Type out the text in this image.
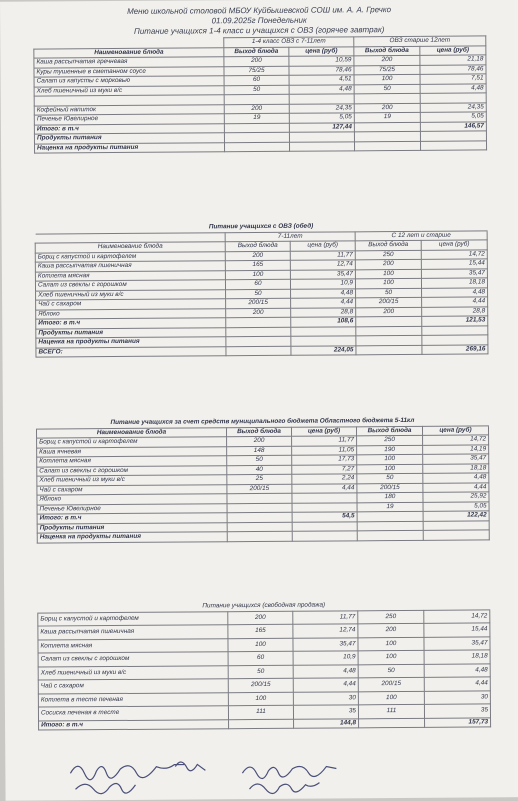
Меню школьной столовой МБОУ Куйбышевской СОШ им. А. А. Гречко
01.09.2025г Понедельник
Питание учащихся 1-4 класс и учащихся с ОВЗ (горячее завтрак)
	1-4 класс ОВЗ с 7-11лет		ОВЗ старше 12лет	
Наименование блюда	Выход блюда	цена (руб)	Выход блюда	цена (руб)
Каша рассыпчатая гречневая	200	10,59	200	21,18
Куры тушенные в сметанном соусе	75/25	78,46	75/25	78,46
Салат из капусты с морковью	60	4,51	100	7,51
Хлеб пшеничный из муки в/с	50	4,48	50	4,48

Кофейный напиток	200	24,35	200	24,35
Печенье Ювелирное	19	5,05	19	5,05
Итого: в т.ч		127,44		146,57
Продукты питания				
Наценка на продукты питания				
Питание учащихся с ОВЗ (обед)				
	7-11лет		С 12 лет и старше	
Наименование блюда	Выход блюда	цена (руб)	Выход блюда	цена (руб)
Борщ с капустой и картофелем	200	11,77	250	14,72
Каша рассыпчатая пшеничная	165	12,74	200	15,44
Котлета мясная	100	35,47	100	35,47
Салат из свеклы с горошком	60	10,9	100	18,18
Хлеб пшеничный из муки в/с	50	4,48	50	4,48
Чай с сахаром	200/15	4,44	200/15	4,44
Яблоко	200	28,8	200	28,8
Итого: в т.ч		108,6		121,53
Продукты питания				
Наценка на продукты питания				
ВСЕГО:		224,05		269,16
Питание учащихся за счет средств муниципального бюджета Областного бюджета 5-11кл				
Наименование блюда	Выход блюда	цена (руб)	Выход блюда	цена (руб)
Борщ с капустой и картофелем	200	11,77	250	14,72
Каша ячневая	148	11,05	190	14,19
Котлета мясная	50	17,73	100	35,47
Салат из свеклы с горошком	40	7,27	100	18,18
Хлеб пшеничный из муки в/с	25	2,24	50	4,48
Чай с сахаром	200/15	4,44	200/15	4,44
Яблоко			180	25,92
Печенье Ювелирное			19	5,05
Итого: в т.ч		54,5		122,42
Продукты питания				
Наценка на продукты питания				
Питание учащихся (свободная продажа)				
Борщ с капустой и картофелем	200	11,77	250	14,72
Каша рассыпчатая пшеничная	165	12,74	200	15,44
Котлета мясная	100	35,47	100	35,47
Салат из свеклы с горошком	60	10,9	100	18,18
Хлеб пшеничный из муки в/с	50	4,48	50	4,48
Чай с сахаром	200/15	4,44	200/15	4,44
Котлета в тесте печеная	100	30	100	30
Сосиска печеная в тесте	111	35	111	35
Итого: в т.ч		144,8		157,73
